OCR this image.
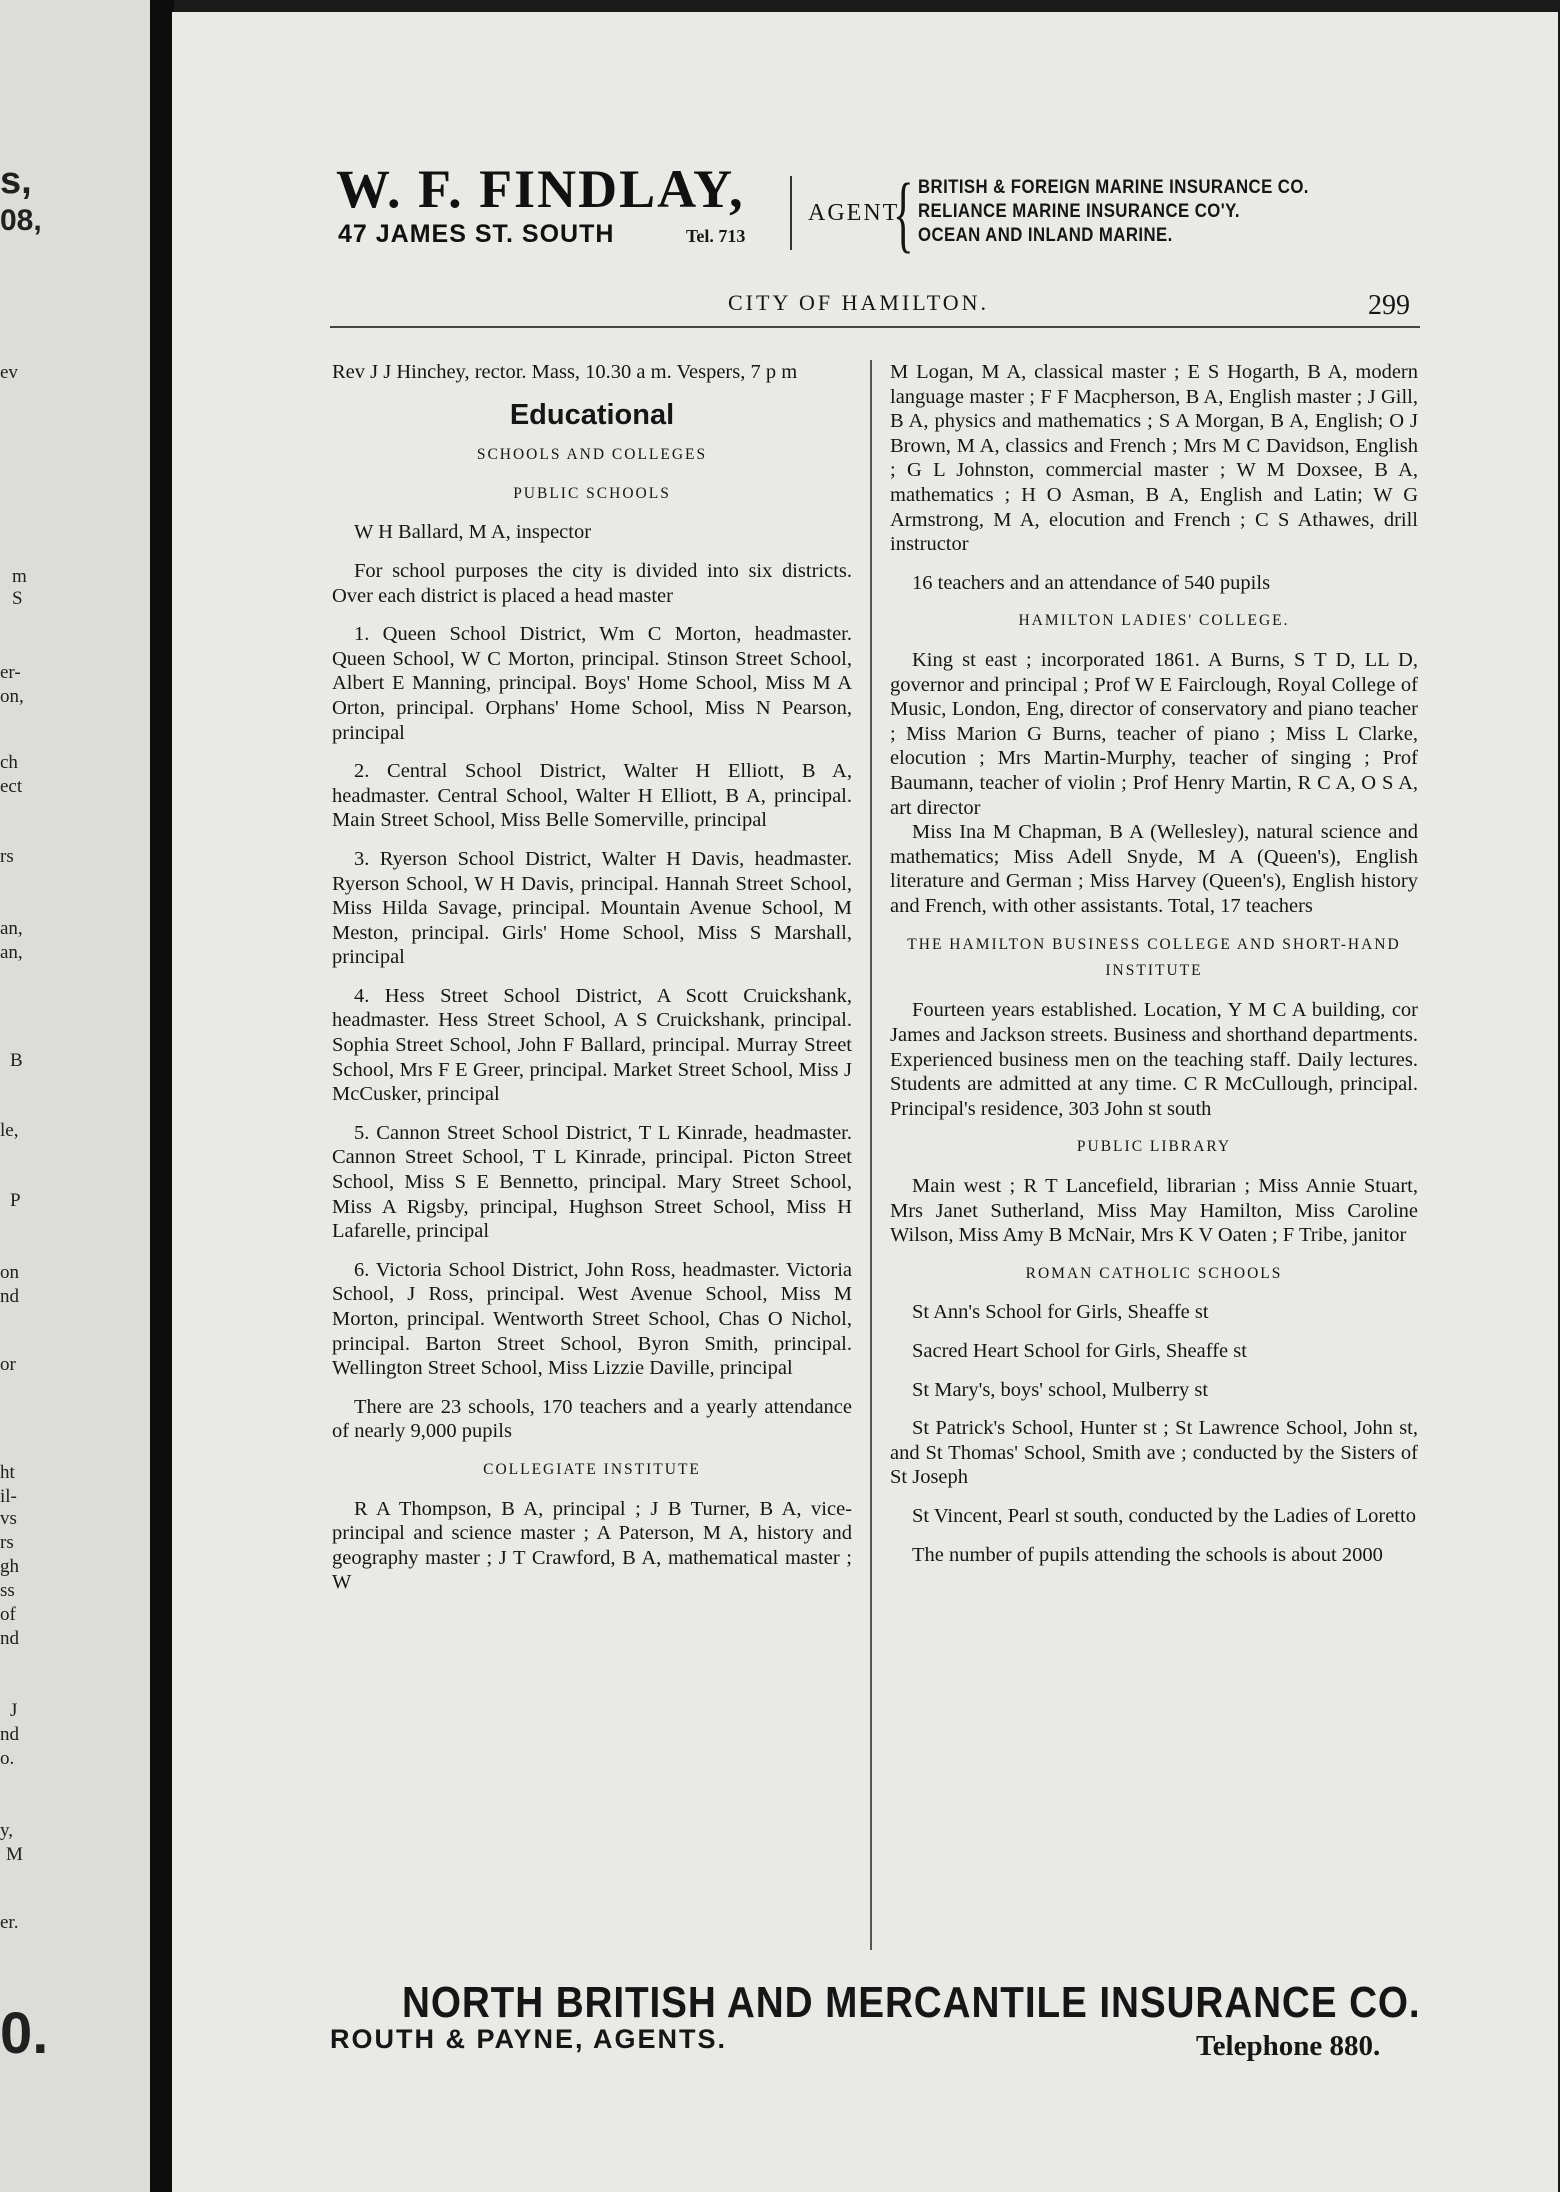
s,
08,
ev
m
S
er-
on,
ch
ect
rs
an,
an,
B
le,
P
on
nd
or
ht
il-
vs
rs
gh
ss
of
nd
J
nd
o.
y,
M
er.
0.
W. F. FINDLAY,
47 JAMES ST. SOUTH	Tel. 713
AGENT
{ BRITISH & FOREIGN MARINE INSURANCE CO.
RELIANCE MARINE INSURANCE CO'Y.
OCEAN AND INLAND MARINE.
CITY OF HAMILTON.	299

Rev J J Hinchey, rector. Mass, 10.30 a m. Vespers, 7 p m

Educational
SCHOOLS AND COLLEGES
PUBLIC SCHOOLS

W H Ballard, M A, inspector

For school purposes the city is divided into six districts. Over each district is placed a head master

1. Queen School District, Wm C Morton, headmaster. Queen School, W C Morton, principal. Stinson Street School, Albert E Manning, principal. Boys' Home School, Miss M A Orton, principal. Orphans' Home School, Miss N Pearson, principal

2. Central School District, Walter H Elliott, B A, headmaster. Central School, Walter H Elliott, B A, principal. Main Street School, Miss Belle Somerville, principal

3. Ryerson School District, Walter H Davis, headmaster. Ryerson School, W H Davis, principal. Hannah Street School, Miss Hilda Savage, principal. Mountain Avenue School, M Meston, principal. Girls' Home School, Miss S Marshall, principal

4. Hess Street School District, A Scott Cruickshank, headmaster. Hess Street School, A S Cruickshank, principal. Sophia Street School, John F Ballard, principal. Murray Street School, Mrs F E Greer, principal. Market Street School, Miss J McCusker, principal

5. Cannon Street School District, T L Kinrade, headmaster. Cannon Street School, T L Kinrade, principal. Picton Street School, Miss S E Bennetto, principal. Mary Street School, Miss A Rigsby, principal, Hughson Street School, Miss H Lafarelle, principal

6. Victoria School District, John Ross, headmaster. Victoria School, J Ross, principal. West Avenue School, Miss M Morton, principal. Wentworth Street School, Chas O Nichol, principal. Barton Street School, Byron Smith, principal. Wellington Street School, Miss Lizzie Daville, principal

There are 23 schools, 170 teachers and a yearly attendance of nearly 9,000 pupils

COLLEGIATE INSTITUTE

R A Thompson, B A, principal ; J B Turner, B A, vice-principal and science master ; A Paterson, M A, history and geography master ; J T Crawford, B A, mathematical master ; W

M Logan, M A, classical master ; E S Hogarth, B A, modern language master ; F F Macpherson, B A, English master ; J Gill, B A, physics and mathematics ; S A Morgan, B A, English; O J Brown, M A, classics and French ; Mrs M C Davidson, English ; G L Johnston, commercial master ; W M Doxsee, B A, mathematics ; H O Asman, B A, English and Latin; W G Armstrong, M A, elocution and French ; C S Athawes, drill instructor

16 teachers and an attendance of 540 pupils

HAMILTON LADIES' COLLEGE.

King st east ; incorporated 1861. A Burns, S T D, LL D, governor and principal ; Prof W E Fairclough, Royal College of Music, London, Eng, director of conservatory and piano teacher ; Miss Marion G Burns, teacher of piano ; Miss L Clarke, elocution ; Mrs Martin-Murphy, teacher of singing ; Prof Baumann, teacher of violin ; Prof Henry Martin, R C A, O S A, art director

Miss Ina M Chapman, B A (Wellesley), natural science and mathematics; Miss Adell Snyde, M A (Queen's), English literature and German ; Miss Harvey (Queen's), English history and French, with other assistants. Total, 17 teachers

THE HAMILTON BUSINESS COLLEGE AND SHORT-HAND INSTITUTE

Fourteen years established. Location, Y M C A building, cor James and Jackson streets. Business and shorthand departments. Experienced business men on the teaching staff. Daily lectures. Students are admitted at any time. C R McCullough, principal. Principal's residence, 303 John st south

PUBLIC LIBRARY

Main west ; R T Lancefield, librarian ; Miss Annie Stuart, Mrs Janet Sutherland, Miss May Hamilton, Miss Caroline Wilson, Miss Amy B McNair, Mrs K V Oaten ; F Tribe, janitor

ROMAN CATHOLIC SCHOOLS

St Ann's School for Girls, Sheaffe st

Sacred Heart School for Girls, Sheaffe st

St Mary's, boys' school, Mulberry st

St Patrick's School, Hunter st ; St Lawrence School, John st, and St Thomas' School, Smith ave ; conducted by the Sisters of St Joseph

St Vincent, Pearl st south, conducted by the Ladies of Loretto

The number of pupils attending the schools is about 2000

NORTH BRITISH AND MERCANTILE INSURANCE CO.
ROUTH & PAYNE, AGENTS.	Telephone 880.
